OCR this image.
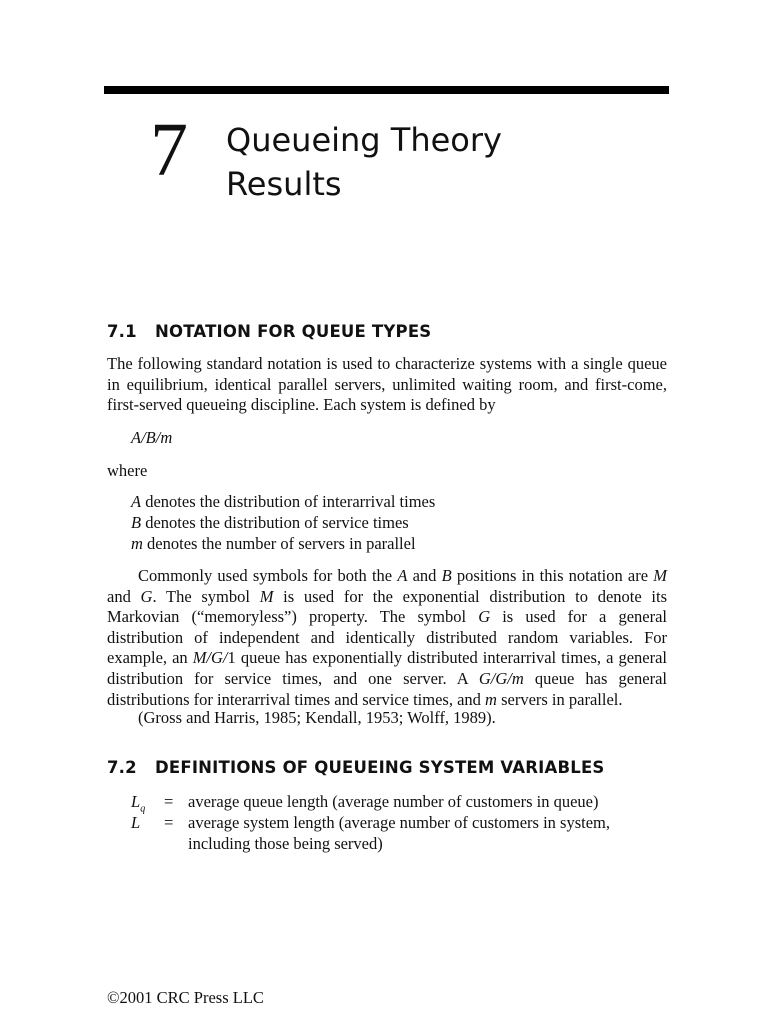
7 Queueing Theory
Results
7.1 NOTATION FOR QUEUE TYPES
The following standard notation is used to characterize systems with a single queue in equilibrium, identical parallel servers, unlimited waiting room, and first-come, first-served queueing discipline. Each system is defined by
A/B/m
where
A denotes the distribution of interarrival times
B denotes the distribution of service times
m denotes the number of servers in parallel
Commonly used symbols for both the A and B positions in this notation are M and G. The symbol M is used for the exponential distribution to denote its Markovian (“memoryless”) property. The symbol G is used for a general distribution of independent and identically distributed random variables. For example, an M/G/1 queue has exponentially distributed interarrival times, a general distribution for service times, and one server. A G/G/m queue has general distributions for interarrival times and service times, and m servers in parallel.
(Gross and Harris, 1985; Kendall, 1953; Wolff, 1989).
7.2 DEFINITIONS OF QUEUEING SYSTEM VARIABLES
$L_q$	= average queue length (average number of customers in queue)
L	= average system length (average number of customers in system,
including those being served)
©2001 CRC Press LLC
